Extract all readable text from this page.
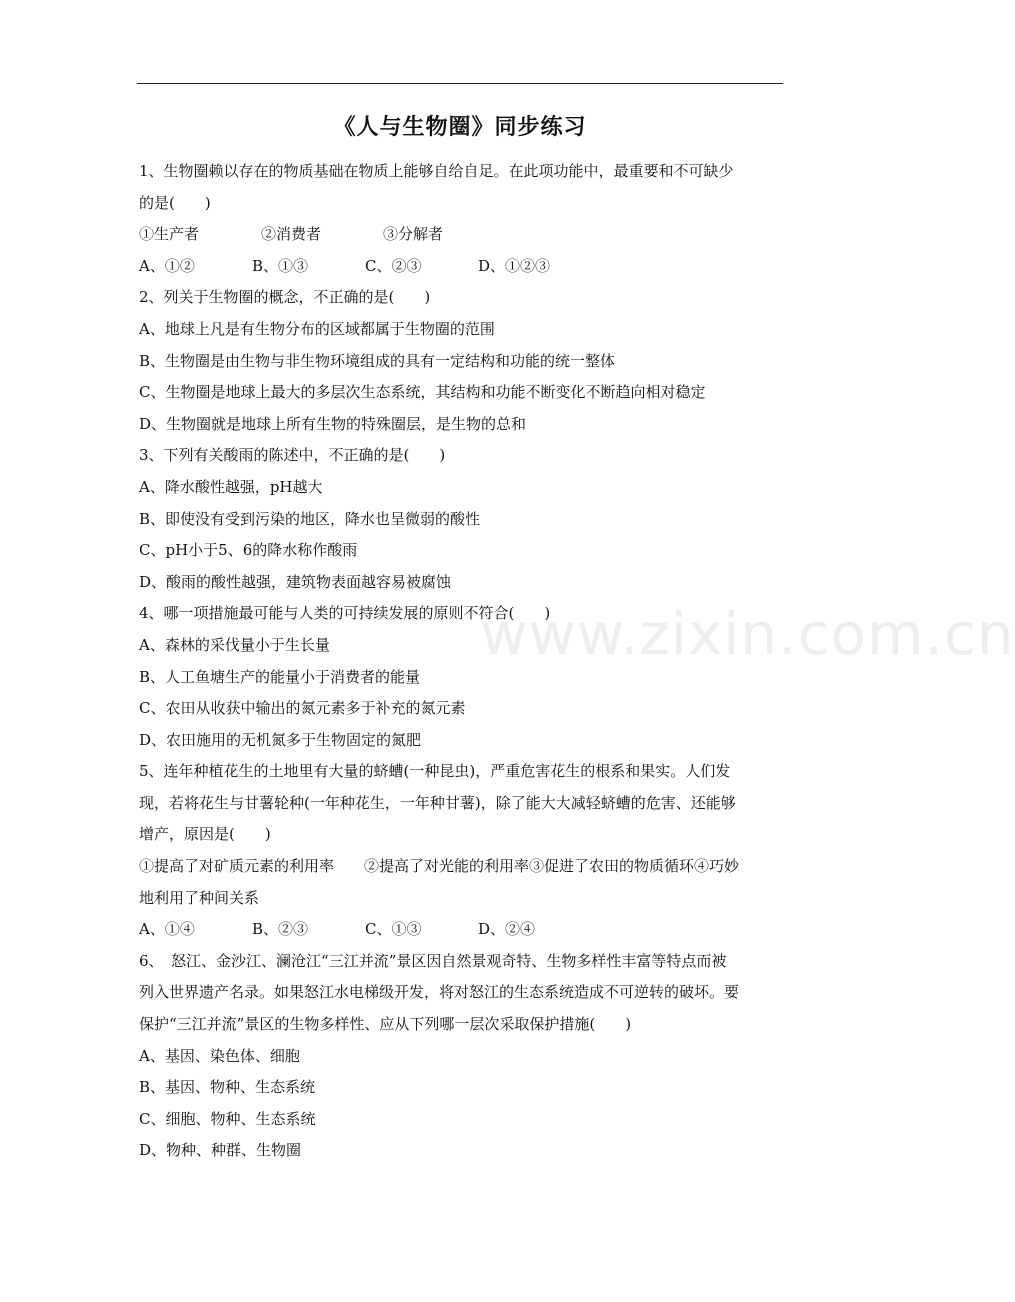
《人与生物圈》同步练习
www.zixin.com.cn
1、生物圈赖以存在的物质基础在物质上能够自给自足。在此项功能中，最重要和不可缺少
的是(　　)
①生产者	②消费者	③分解者
A、①②	B、①③	C、②③	D、①②③
2、列关于生物圈的概念，不正确的是(　　)
A、地球上凡是有生物分布的区域都属于生物圈的范围
B、生物圈是由生物与非生物环境组成的具有一定结构和功能的统一整体
C、生物圈是地球上最大的多层次生态系统，其结构和功能不断变化不断趋向相对稳定
D、生物圈就是地球上所有生物的特殊圈层，是生物的总和
3、下列有关酸雨的陈述中，不正确的是(　　)
A、降水酸性越强，pH越大
B、即使没有受到污染的地区，降水也呈微弱的酸性
C、pH小于5、6的降水称作酸雨
D、酸雨的酸性越强，建筑物表面越容易被腐蚀
4、哪一项措施最可能与人类的可持续发展的原则不符合(　　)
A、森林的采伐量小于生长量
B、人工鱼塘生产的能量小于消费者的能量
C、农田从收获中输出的氮元素多于补充的氮元素
D、农田施用的无机氮多于生物固定的氮肥
5、连年种植花生的土地里有大量的蛴螬(一种昆虫)，严重危害花生的根系和果实。人们发
现，若将花生与甘薯轮种(一年种花生，一年种甘薯)，除了能大大减轻蛴螬的危害、还能够
增产，原因是(　　)
①提高了对矿质元素的利用率　　②提高了对光能的利用率③促进了农田的物质循环④巧妙
地利用了种间关系
A、①④	B、②③	C、①③	D、②④
6、　怒江、金沙江、澜沧江“三江并流”景区因自然景观奇特、生物多样性丰富等特点而被
列入世界遗产名录。如果怒江水电梯级开发，将对怒江的生态系统造成不可逆转的破坏。要
保护“三江并流”景区的生物多样性、应从下列哪一层次采取保护措施(　　)
A、基因、染色体、细胞
B、基因、物种、生态系统
C、细胞、物种、生态系统
D、物种、种群、生物圈
